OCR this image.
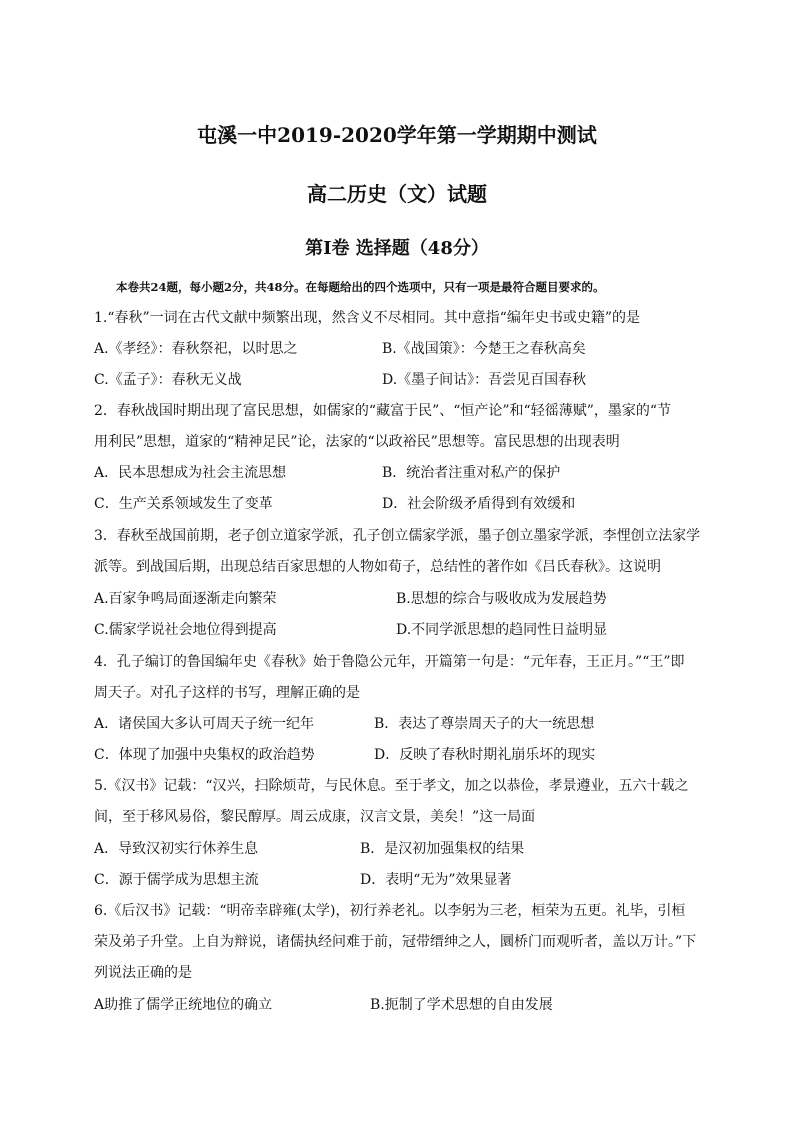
屯溪一中2019-2020学年第一学期期中测试
高二历史（文）试题
第Ⅰ卷 选择题（48分）
本卷共24题，每小题2分，共48分。在每题给出的四个选项中，只有一项是最符合题目要求的。
1.“春秋”一词在古代文献中频繁出现，然含义不尽相同。其中意指“编年史书或史籍”的是
A.《孝经》：春秋祭祀，以时思之	B.《战国策》：今楚王之春秋高矣
C.《孟子》：春秋无义战	D.《墨子间诂》：吾尝见百国春秋
2．春秋战国时期出现了富民思想，如儒家的“藏富于民”、“恒产论”和“轻徭薄赋”，墨家的“节
用利民”思想，道家的“精神足民”论，法家的“以政裕民”思想等。富民思想的出现表明
A．民本思想成为社会主流思想	B．统治者注重对私产的保护
C．生产关系领域发生了变革	D．社会阶级矛盾得到有效缓和
3．春秋至战国前期，老子创立道家学派，孔子创立儒家学派，墨子创立墨家学派，李悝创立法家学
派等。到战国后期，出现总结百家思想的人物如荀子，总结性的著作如《吕氏春秋》。这说明
A.百家争鸣局面逐渐走向繁荣	B.思想的综合与吸收成为发展趋势
C.儒家学说社会地位得到提高	D.不同学派思想的趋同性日益明显
4．孔子编订的鲁国编年史《春秋》始于鲁隐公元年，开篇第一句是：“元年春，王正月。”“王”即
周天子。对孔子这样的书写，理解正确的是
A．诸侯国大多认可周天子统一纪年	B．表达了尊崇周天子的大一统思想
C．体现了加强中央集权的政治趋势	D．反映了春秋时期礼崩乐坏的现实
5.《汉书》记载：“汉兴，扫除烦苛，与民休息。至于孝文，加之以恭俭，孝景遵业，五六十载之
间，至于移风易俗，黎民醇厚。周云成康，汉言文景，美矣！”这一局面
A．导致汉初实行休养生息	B．是汉初加强集权的结果
C．源于儒学成为思想主流	D．表明“无为”效果显著
6.《后汉书》记载：“明帝幸辟雍(太学)，初行养老礼。以李躬为三老，桓荣为五更。礼毕，引桓
荣及弟子升堂。上自为辩说，诸儒执经问难于前，冠带缙绅之人，圜桥门而观听者，盖以万计。”下
列说法正确的是
A助推了儒学正统地位的确立	B.扼制了学术思想的自由发展
